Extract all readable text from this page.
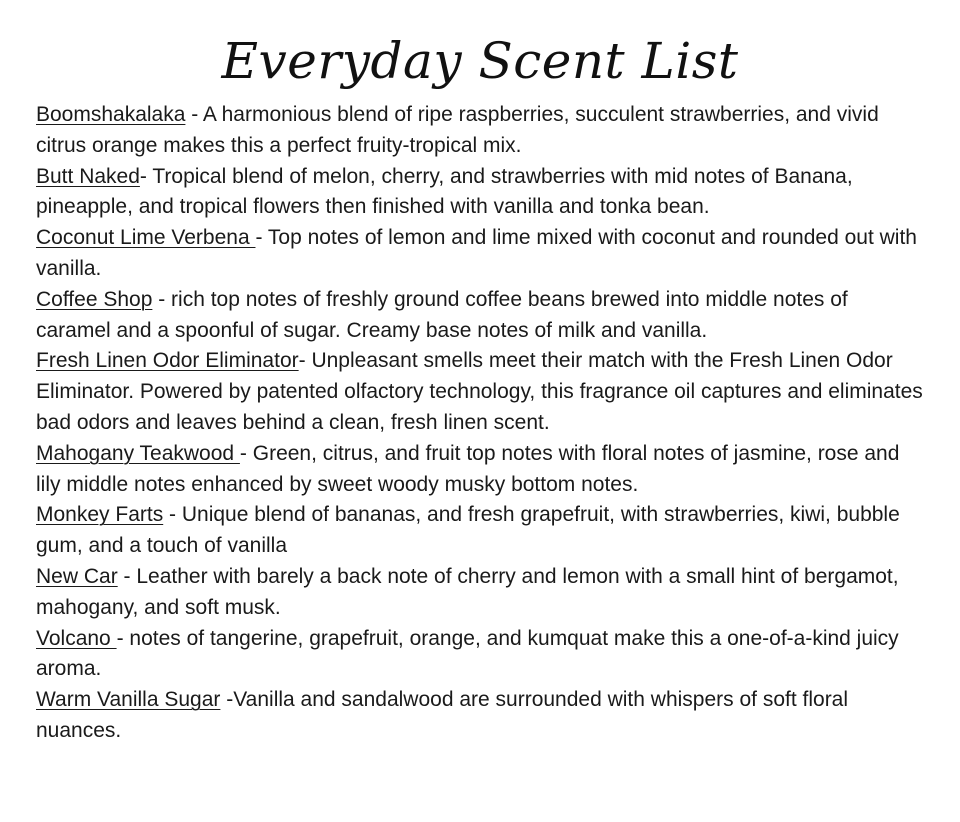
Everyday Scent List

Boomshakalaka - A harmonious blend of ripe raspberries, succulent strawberries, and vivid citrus orange makes this a perfect fruity-tropical mix.

Butt Naked- Tropical blend of melon, cherry, and strawberries with mid notes of Banana, pineapple, and tropical flowers then finished with vanilla and tonka bean.

Coconut Lime Verbena - Top notes of lemon and lime mixed with coconut and rounded out with vanilla.

Coffee Shop - rich top notes of freshly ground coffee beans brewed into middle notes of caramel and a spoonful of sugar. Creamy base notes of milk and vanilla.

Fresh Linen Odor Eliminator- Unpleasant smells meet their match with the Fresh Linen Odor Eliminator. Powered by patented olfactory technology, this fragrance oil captures and eliminates bad odors and leaves behind a clean, fresh linen scent.

Mahogany Teakwood - Green, citrus, and fruit top notes with floral notes of jasmine, rose and lily middle notes enhanced by sweet woody musky bottom notes.

Monkey Farts - Unique blend of bananas, and fresh grapefruit, with strawberries, kiwi, bubble gum, and a touch of vanilla

New Car - Leather with barely a back note of cherry and lemon with a small hint of bergamot, mahogany, and soft musk.

Volcano - notes of tangerine, grapefruit, orange, and kumquat make this a one-of-a-kind juicy aroma.

Warm Vanilla Sugar -Vanilla and sandalwood are surrounded with whispers of soft floral nuances.
